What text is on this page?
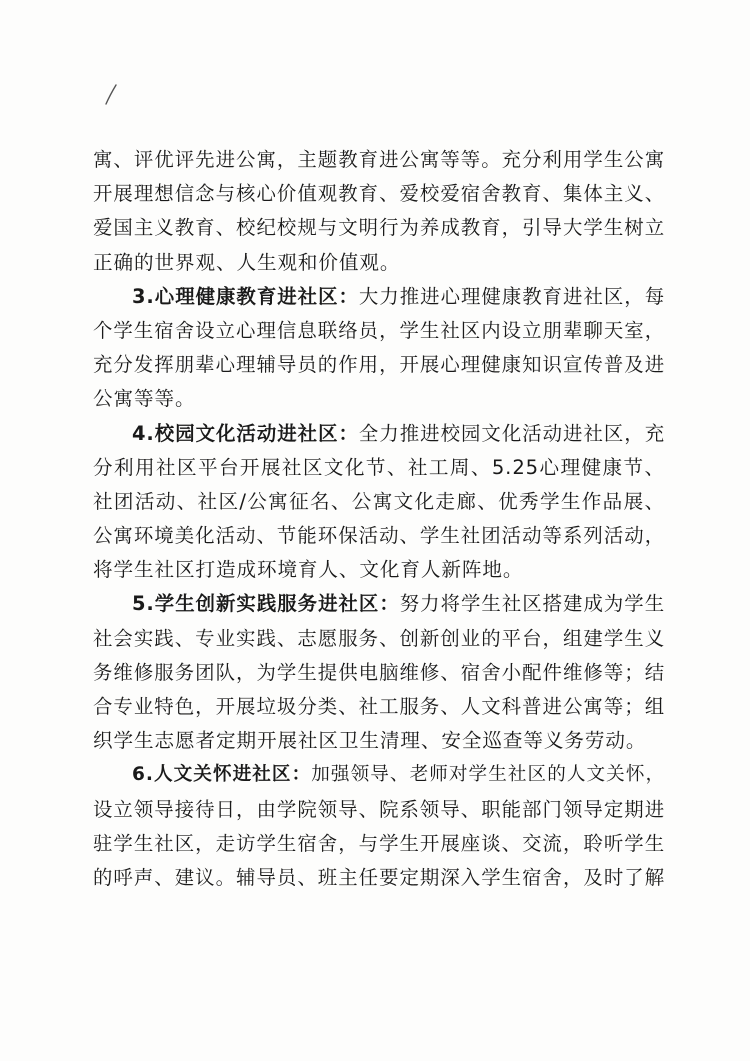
寓、评优评先进公寓，主题教育进公寓等等。充分利用学生公寓
开展理想信念与核心价值观教育、爱校爱宿舍教育、集体主义、
爱国主义教育、校纪校规与文明行为养成教育，引导大学生树立
正确的世界观、人生观和价值观。
3.心理健康教育进社区：大力推进心理健康教育进社区，每
个学生宿舍设立心理信息联络员，学生社区内设立朋辈聊天室，
充分发挥朋辈心理辅导员的作用，开展心理健康知识宣传普及进
公寓等等。
4.校园文化活动进社区：全力推进校园文化活动进社区，充
分利用社区平台开展社区文化节、社工周、5.25心理健康节、
社团活动、社区/公寓征名、公寓文化走廊、优秀学生作品展、
公寓环境美化活动、节能环保活动、学生社团活动等系列活动，
将学生社区打造成环境育人、文化育人新阵地。
5.学生创新实践服务进社区：努力将学生社区搭建成为学生
社会实践、专业实践、志愿服务、创新创业的平台，组建学生义
务维修服务团队，为学生提供电脑维修、宿舍小配件维修等；结
合专业特色，开展垃圾分类、社工服务、人文科普进公寓等；组
织学生志愿者定期开展社区卫生清理、安全巡查等义务劳动。
6.人文关怀进社区：加强领导、老师对学生社区的人文关怀，
设立领导接待日，由学院领导、院系领导、职能部门领导定期进
驻学生社区，走访学生宿舍，与学生开展座谈、交流，聆听学生
的呼声、建议。辅导员、班主任要定期深入学生宿舍，及时了解
